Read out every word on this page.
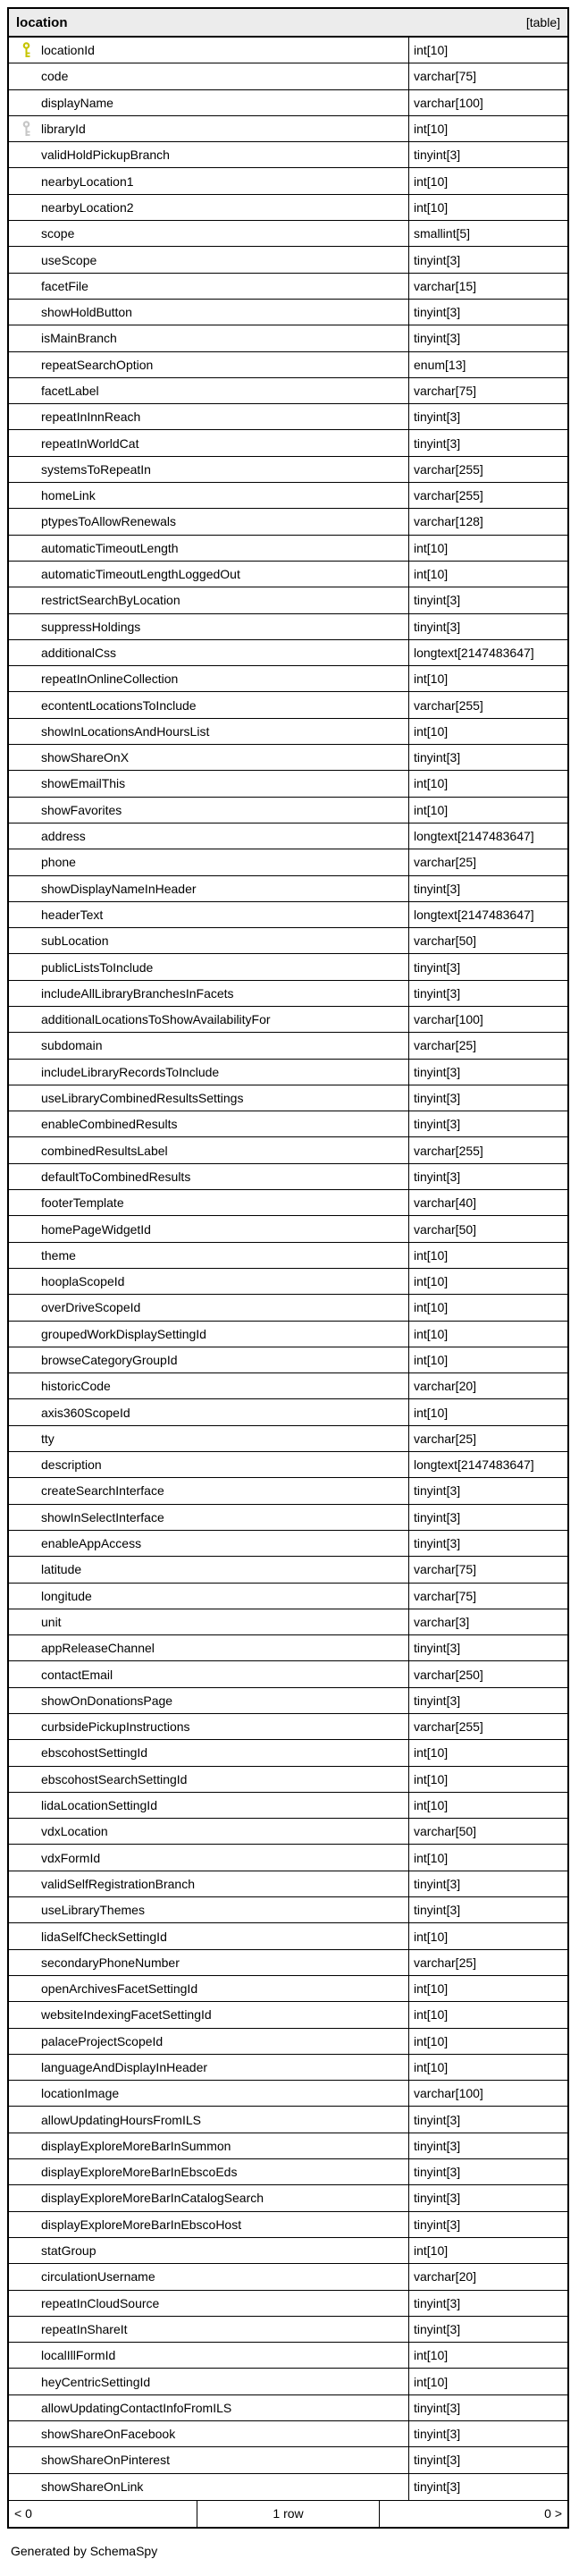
location	[table]
locationId	int[10]
code	varchar[75]
displayName	varchar[100]
libraryId	int[10]
validHoldPickupBranch	tinyint[3]
nearbyLocation1	int[10]
nearbyLocation2	int[10]
scope	smallint[5]
useScope	tinyint[3]
facetFile	varchar[15]
showHoldButton	tinyint[3]
isMainBranch	tinyint[3]
repeatSearchOption	enum[13]
facetLabel	varchar[75]
repeatInInnReach	tinyint[3]
repeatInWorldCat	tinyint[3]
systemsToRepeatIn	varchar[255]
homeLink	varchar[255]
ptypesToAllowRenewals	varchar[128]
automaticTimeoutLength	int[10]
automaticTimeoutLengthLoggedOut	int[10]
restrictSearchByLocation	tinyint[3]
suppressHoldings	tinyint[3]
additionalCss	longtext[2147483647]
repeatInOnlineCollection	int[10]
econtentLocationsToInclude	varchar[255]
showInLocationsAndHoursList	int[10]
showShareOnX	tinyint[3]
showEmailThis	int[10]
showFavorites	int[10]
address	longtext[2147483647]
phone	varchar[25]
showDisplayNameInHeader	tinyint[3]
headerText	longtext[2147483647]
subLocation	varchar[50]
publicListsToInclude	tinyint[3]
includeAllLibraryBranchesInFacets	tinyint[3]
additionalLocationsToShowAvailabilityFor	varchar[100]
subdomain	varchar[25]
includeLibraryRecordsToInclude	tinyint[3]
useLibraryCombinedResultsSettings	tinyint[3]
enableCombinedResults	tinyint[3]
combinedResultsLabel	varchar[255]
defaultToCombinedResults	tinyint[3]
footerTemplate	varchar[40]
homePageWidgetId	varchar[50]
theme	int[10]
hooplaScopeId	int[10]
overDriveScopeId	int[10]
groupedWorkDisplaySettingId	int[10]
browseCategoryGroupId	int[10]
historicCode	varchar[20]
axis360ScopeId	int[10]
tty	varchar[25]
description	longtext[2147483647]
createSearchInterface	tinyint[3]
showInSelectInterface	tinyint[3]
enableAppAccess	tinyint[3]
latitude	varchar[75]
longitude	varchar[75]
unit	varchar[3]
appReleaseChannel	tinyint[3]
contactEmail	varchar[250]
showOnDonationsPage	tinyint[3]
curbsidePickupInstructions	varchar[255]
ebscohostSettingId	int[10]
ebscohostSearchSettingId	int[10]
lidaLocationSettingId	int[10]
vdxLocation	varchar[50]
vdxFormId	int[10]
validSelfRegistrationBranch	tinyint[3]
useLibraryThemes	tinyint[3]
lidaSelfCheckSettingId	int[10]
secondaryPhoneNumber	varchar[25]
openArchivesFacetSettingId	int[10]
websiteIndexingFacetSettingId	int[10]
palaceProjectScopeId	int[10]
languageAndDisplayInHeader	int[10]
locationImage	varchar[100]
allowUpdatingHoursFromILS	tinyint[3]
displayExploreMoreBarInSummon	tinyint[3]
displayExploreMoreBarInEbscoEds	tinyint[3]
displayExploreMoreBarInCatalogSearch	tinyint[3]
displayExploreMoreBarInEbscoHost	tinyint[3]
statGroup	int[10]
circulationUsername	varchar[20]
repeatInCloudSource	tinyint[3]
repeatInShareIt	tinyint[3]
localIllFormId	int[10]
heyCentricSettingId	int[10]
allowUpdatingContactInfoFromILS	tinyint[3]
showShareOnFacebook	tinyint[3]
showShareOnPinterest	tinyint[3]
showShareOnLink	tinyint[3]
< 0	1 row	0 >
Generated by SchemaSpy
